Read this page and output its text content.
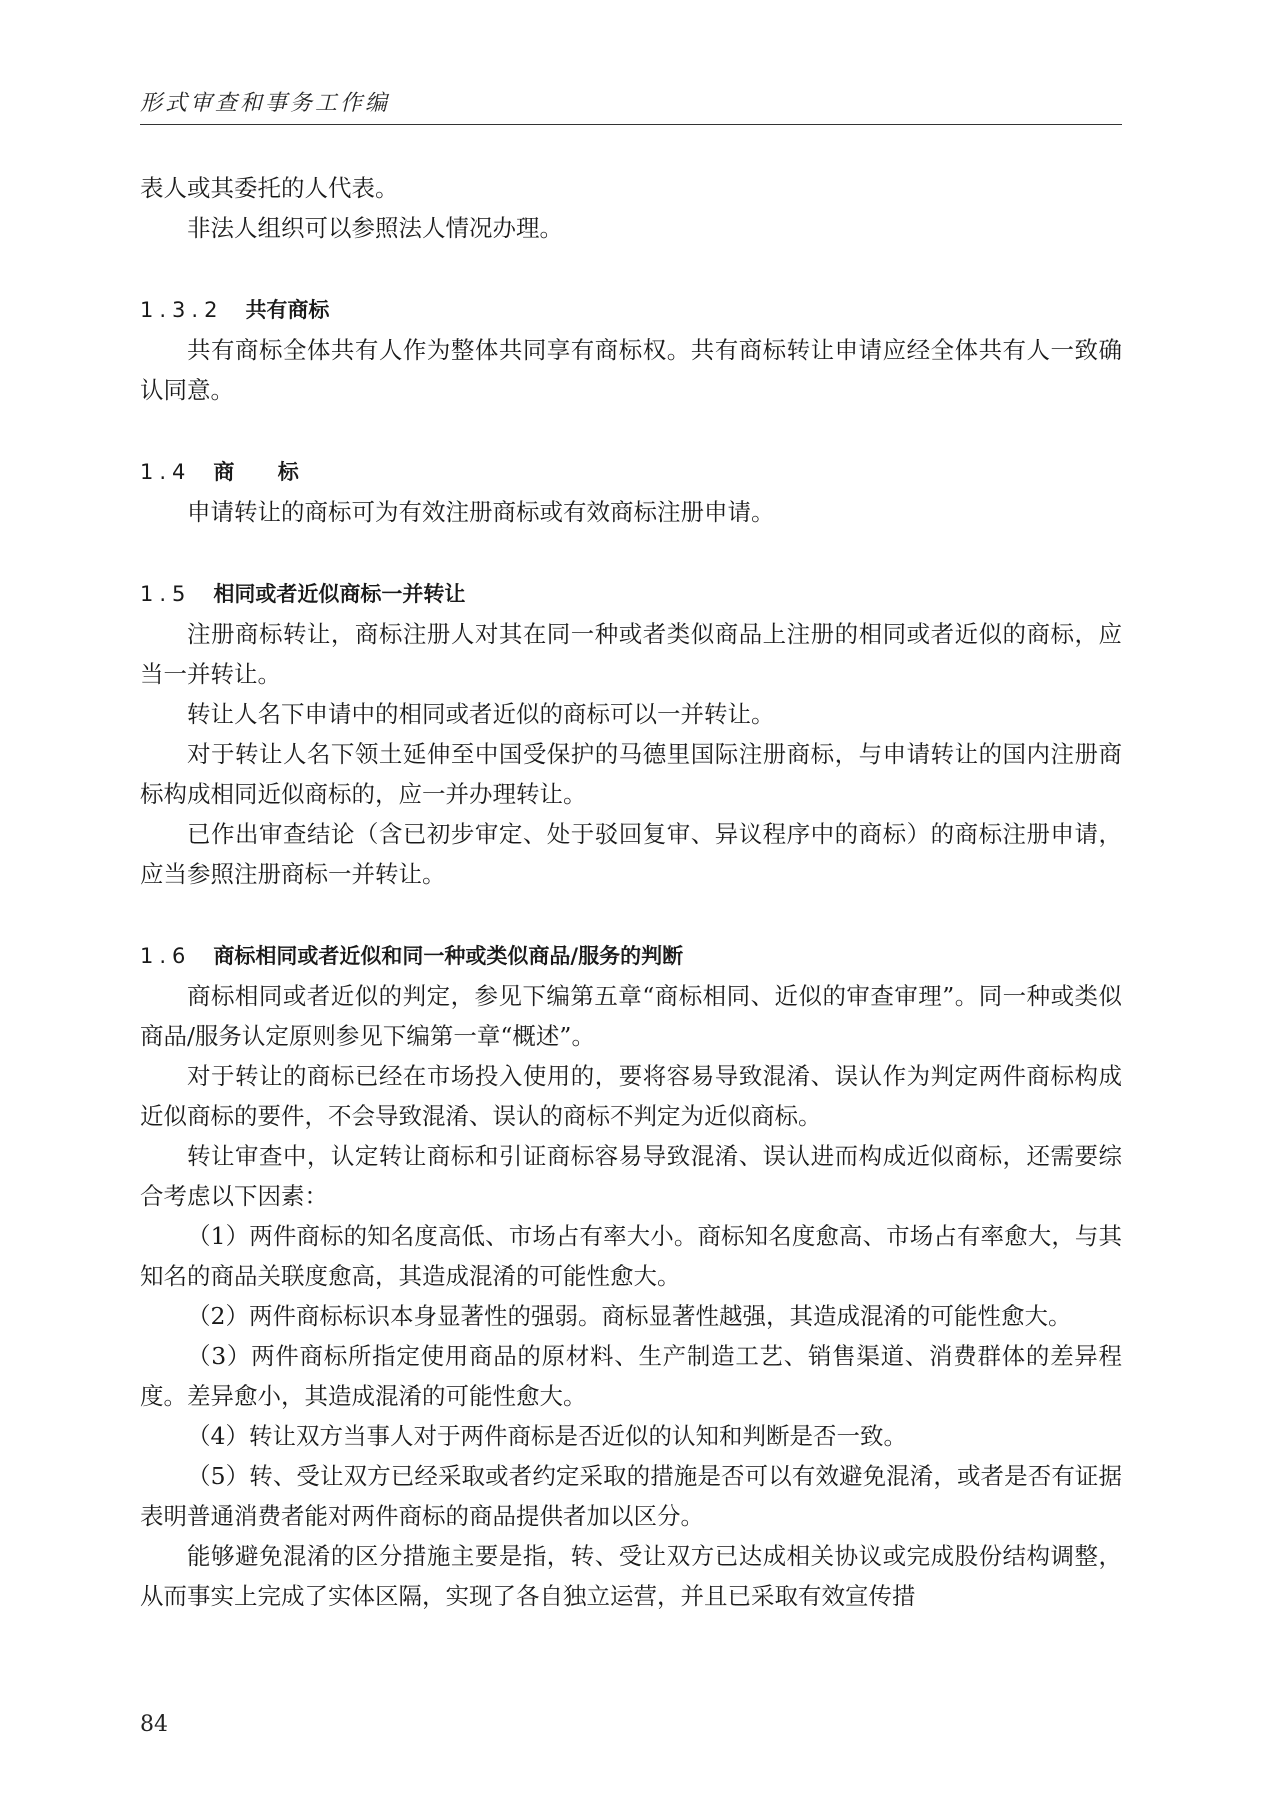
形式审查和事务工作编

表人或其委托的人代表。

非法人组织可以参照法人情况办理。

1.3.2 共有商标

共有商标全体共有人作为整体共同享有商标权。共有商标转让申请应经全体共有人一致确认同意。

1.4 商 标

申请转让的商标可为有效注册商标或有效商标注册申请。

1.5 相同或者近似商标一并转让

注册商标转让，商标注册人对其在同一种或者类似商品上注册的相同或者近似的商标，应当一并转让。

转让人名下申请中的相同或者近似的商标可以一并转让。

对于转让人名下领土延伸至中国受保护的马德里国际注册商标，与申请转让的国内注册商标构成相同近似商标的，应一并办理转让。

已作出审查结论（含已初步审定、处于驳回复审、异议程序中的商标）的商标注册申请，应当参照注册商标一并转让。

1.6 商标相同或者近似和同一种或类似商品/服务的判断

商标相同或者近似的判定，参见下编第五章“商标相同、近似的审查审理”。同一种或类似商品/服务认定原则参见下编第一章“概述”。

对于转让的商标已经在市场投入使用的，要将容易导致混淆、误认作为判定两件商标构成近似商标的要件，不会导致混淆、误认的商标不判定为近似商标。

转让审查中，认定转让商标和引证商标容易导致混淆、误认进而构成近似商标，还需要综合考虑以下因素：

（1）两件商标的知名度高低、市场占有率大小。商标知名度愈高、市场占有率愈大，与其知名的商品关联度愈高，其造成混淆的可能性愈大。

（2）两件商标标识本身显著性的强弱。商标显著性越强，其造成混淆的可能性愈大。

（3）两件商标所指定使用商品的原材料、生产制造工艺、销售渠道、消费群体的差异程度。差异愈小，其造成混淆的可能性愈大。

（4）转让双方当事人对于两件商标是否近似的认知和判断是否一致。

（5）转、受让双方已经采取或者约定采取的措施是否可以有效避免混淆，或者是否有证据表明普通消费者能对两件商标的商品提供者加以区分。

能够避免混淆的区分措施主要是指，转、受让双方已达成相关协议或完成股份结构调整，从而事实上完成了实体区隔，实现了各自独立运营，并且已采取有效宣传措

84
